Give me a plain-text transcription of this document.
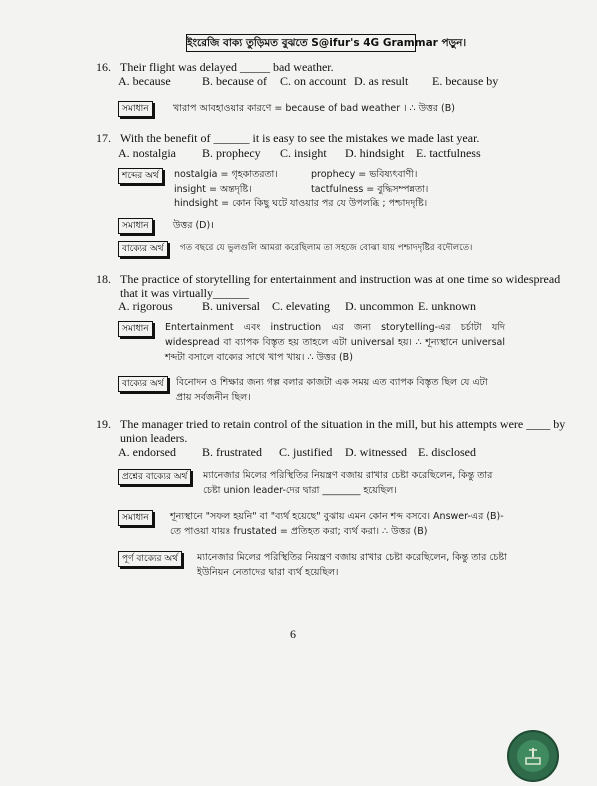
ইংরেজি বাক্য তুড়িমত বুঝতে S@ifur's 4G Grammar পড়ুন।
16. Their flight was delayed _____ bad weather.
A. because	B. because of C. on account D. as result E. because by
সমাধান	খারাপ আবহাওয়ার কারণে = because of bad weather । ∴ উত্তর (B)
17. With the benefit of ______ it is easy to see the mistakes we made last year.
A. nostalgia B. prophecy C. insight D. hindsight E. tactfulness
শব্দের অর্থ	nostalgia = গৃহকাতরতা।	prophecy = ভবিষ্যৎবাণী।
insight = অন্তদৃষ্টি।	tactfulness = বুদ্ধিসম্পন্নতা।
hindsight = কোন কিছু ঘটে যাওয়ার পর যে উপলব্ধি ; পশ্চাদদৃষ্টি।
সমাধান	উত্তর (D)।
বাক্যের অর্থ	গত বছরে যে ভুলগুলি আমরা করেছিলাম তা সহজে বোঝা যায় পশ্চাদদৃষ্টির বদৌলতে।
18. The practice of storytelling for entertainment and instruction was at one time so widespread that it was virtually______
A. rigorous B. universal C. elevating D. uncommon E. unknown
সমাধান	Entertainment এবং instruction এর জন্য storytelling-এর চর্চাটা যদি widespread বা ব্যাপক বিস্তৃত হয় তাহলে এটা universal হয়। ∴ শূন্যস্থানে universal শব্দটা বসালে বাক্যের সাথে খাপ খায়। ∴ উত্তর (B)
বাক্যের অর্থ	বিনোদন ও শিক্ষার জন্য গল্প বলার কাজটা এক সময় এত ব্যাপক বিস্তৃত ছিল যে এটা প্রায় সর্বজনীন ছিল।
19. The manager tried to retain control of the situation in the mill, but his attempts were ____ by union leaders.
A. endorsed B. frustrated C. justified D. witnessed E. disclosed
প্রশ্নের বাক্যের অর্থ	ম্যানেজার মিলের পরিস্থিতির নিয়ন্ত্রণ বজায় রাখার চেষ্টা করেছিলেন, কিন্তু তার চেষ্টা union leader-দের দ্বারা ________ হয়েছিল।
সমাধান	শূন্যস্থানে "সফল হয়নি" বা "ব্যর্থ হয়েছে" বুঝায় এমন কোন শব্দ বসবে। Answer-এর (B)-তে পাওয়া যায়ঃ frustated = প্রতিহত করা; ব্যর্থ করা। ∴ উত্তর (B)
পূর্ণ বাক্যের অর্থ	ম্যানেজার মিলের পরিস্থিতির নিয়ন্ত্রণ বজায় রাখার চেষ্টা করেছিলেন, কিন্তু তার চেষ্টা ইউনিয়ন নেতাদের দ্বারা ব্যর্থ হয়েছিল।
6
